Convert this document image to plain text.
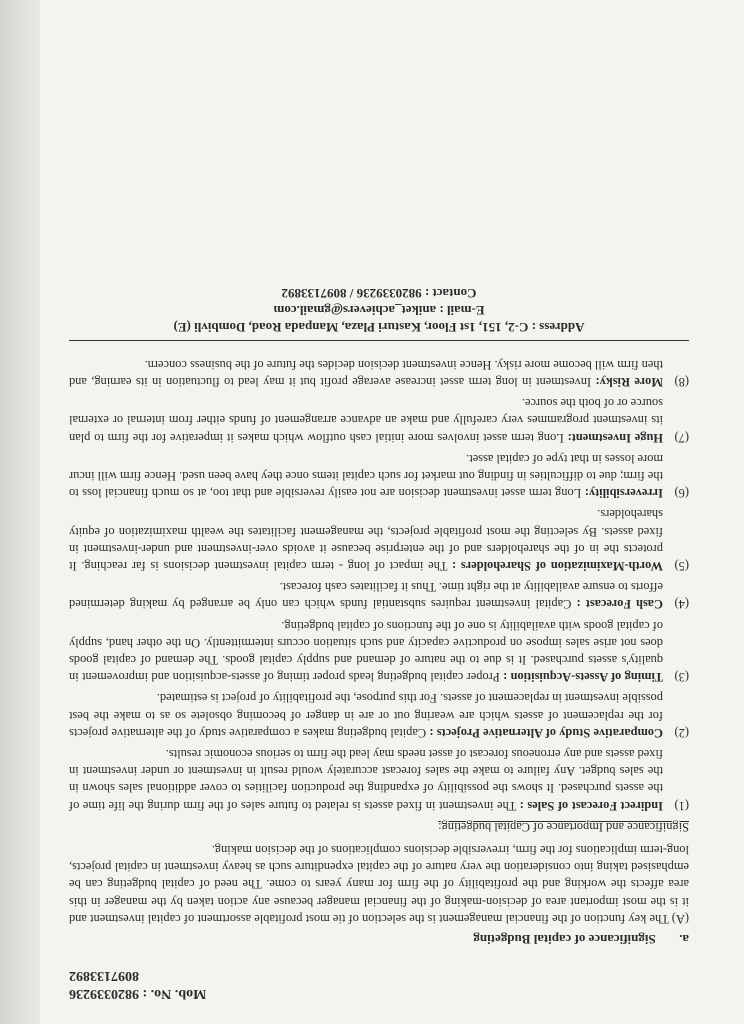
Mob. No. : 9820339236
8097133892
a. Significance of capital Budgeting

(A) The key function of the financial management is the selection of tie most profitable assortment of capital investment and it is the most important area of decision-making of the financial manager because any action taken by the manager in this area affects the working and the profitability of the firm for many years to come. The need of capital budgeting can be emphasised taking into consideration the very nature of the capital expenditure such as heavy investment in capital projects, long-term implications for the firm, irreversible decisions complications of the decision making.

Significance and Importance of Capital budgeting:

(1)
Indirect Forecast of Sales : The investment in fixed assets is related to future sales of the firm during the life time of the assets purchased. It shows the possibility of expanding the production facilities to cover additional sales shown in the sales budget. Any failure to make the sales forecast accurately would result in investment or under investment in fixed assets and any erroneous forecast of asset needs may lead the firm to serious economic results.
(2)
Comparative Study of Alternative Projects : Capital budgeting makes a comparative study of the alternative projects for the replacement of assets which are wearing out or are in danger of becoming obsolete so as to make the best possible investment in replacement of assets. For this purpose, the profitability of project is estimated.
(3)
Timing of Assets-Acquisition : Proper capital budgeting leads proper timing of assets-acquisition and improvement in quality's assets purchased. It is due to the nature of demand and supply capital goods. The demand of capital goods does not arise sales impose on productive capacity and such situation occurs intermittently. On the other hand, supply of capital goods with availability is one of the functions of capital budgeting.
(4)
Cash Forecast : Capital investment requires substantial funds which can only be arranged by making determined efforts to ensure availability at the right time. Thus it facilitates cash forecast.
(5)
Worth-Maximization of Shareholders : The impact of long - term capital investment decisions is far reaching. It protects the in of the shareholders and of the enterprise because it avoids over-investment and under-investment in fixed assets. By selecting the most profitable projects, the management facilitates the wealth maximization of equity shareholders.
(6)
Irreversibility: Long term asset investment decision are not easily reversible and that too, at so much financial loss to the firm; due to difficulties in finding out market for such capital items once they have been used. Hence firm will incur more losses in that type of capital asset.
(7)
Huge Investment: Long term asset involves more initial cash outflow which makes it imperative for the firm to plan its investment programmes very carefully and make an advance arrangement of funds either from internal or external source or of both the source.
(8)
More Risky: Investment in long term asset increase average profit but it may lead to fluctuation in its earning, and then firm will become more risky. Hence investment decision decides the future of the business concern.
Address : C-2, 151, 1st Floor, Kasturi Plaza, Manpada Road, Dombivli (E)
E-mail : aniket_achievers@gmail.com
Contact : 9820339236 / 8097133892
